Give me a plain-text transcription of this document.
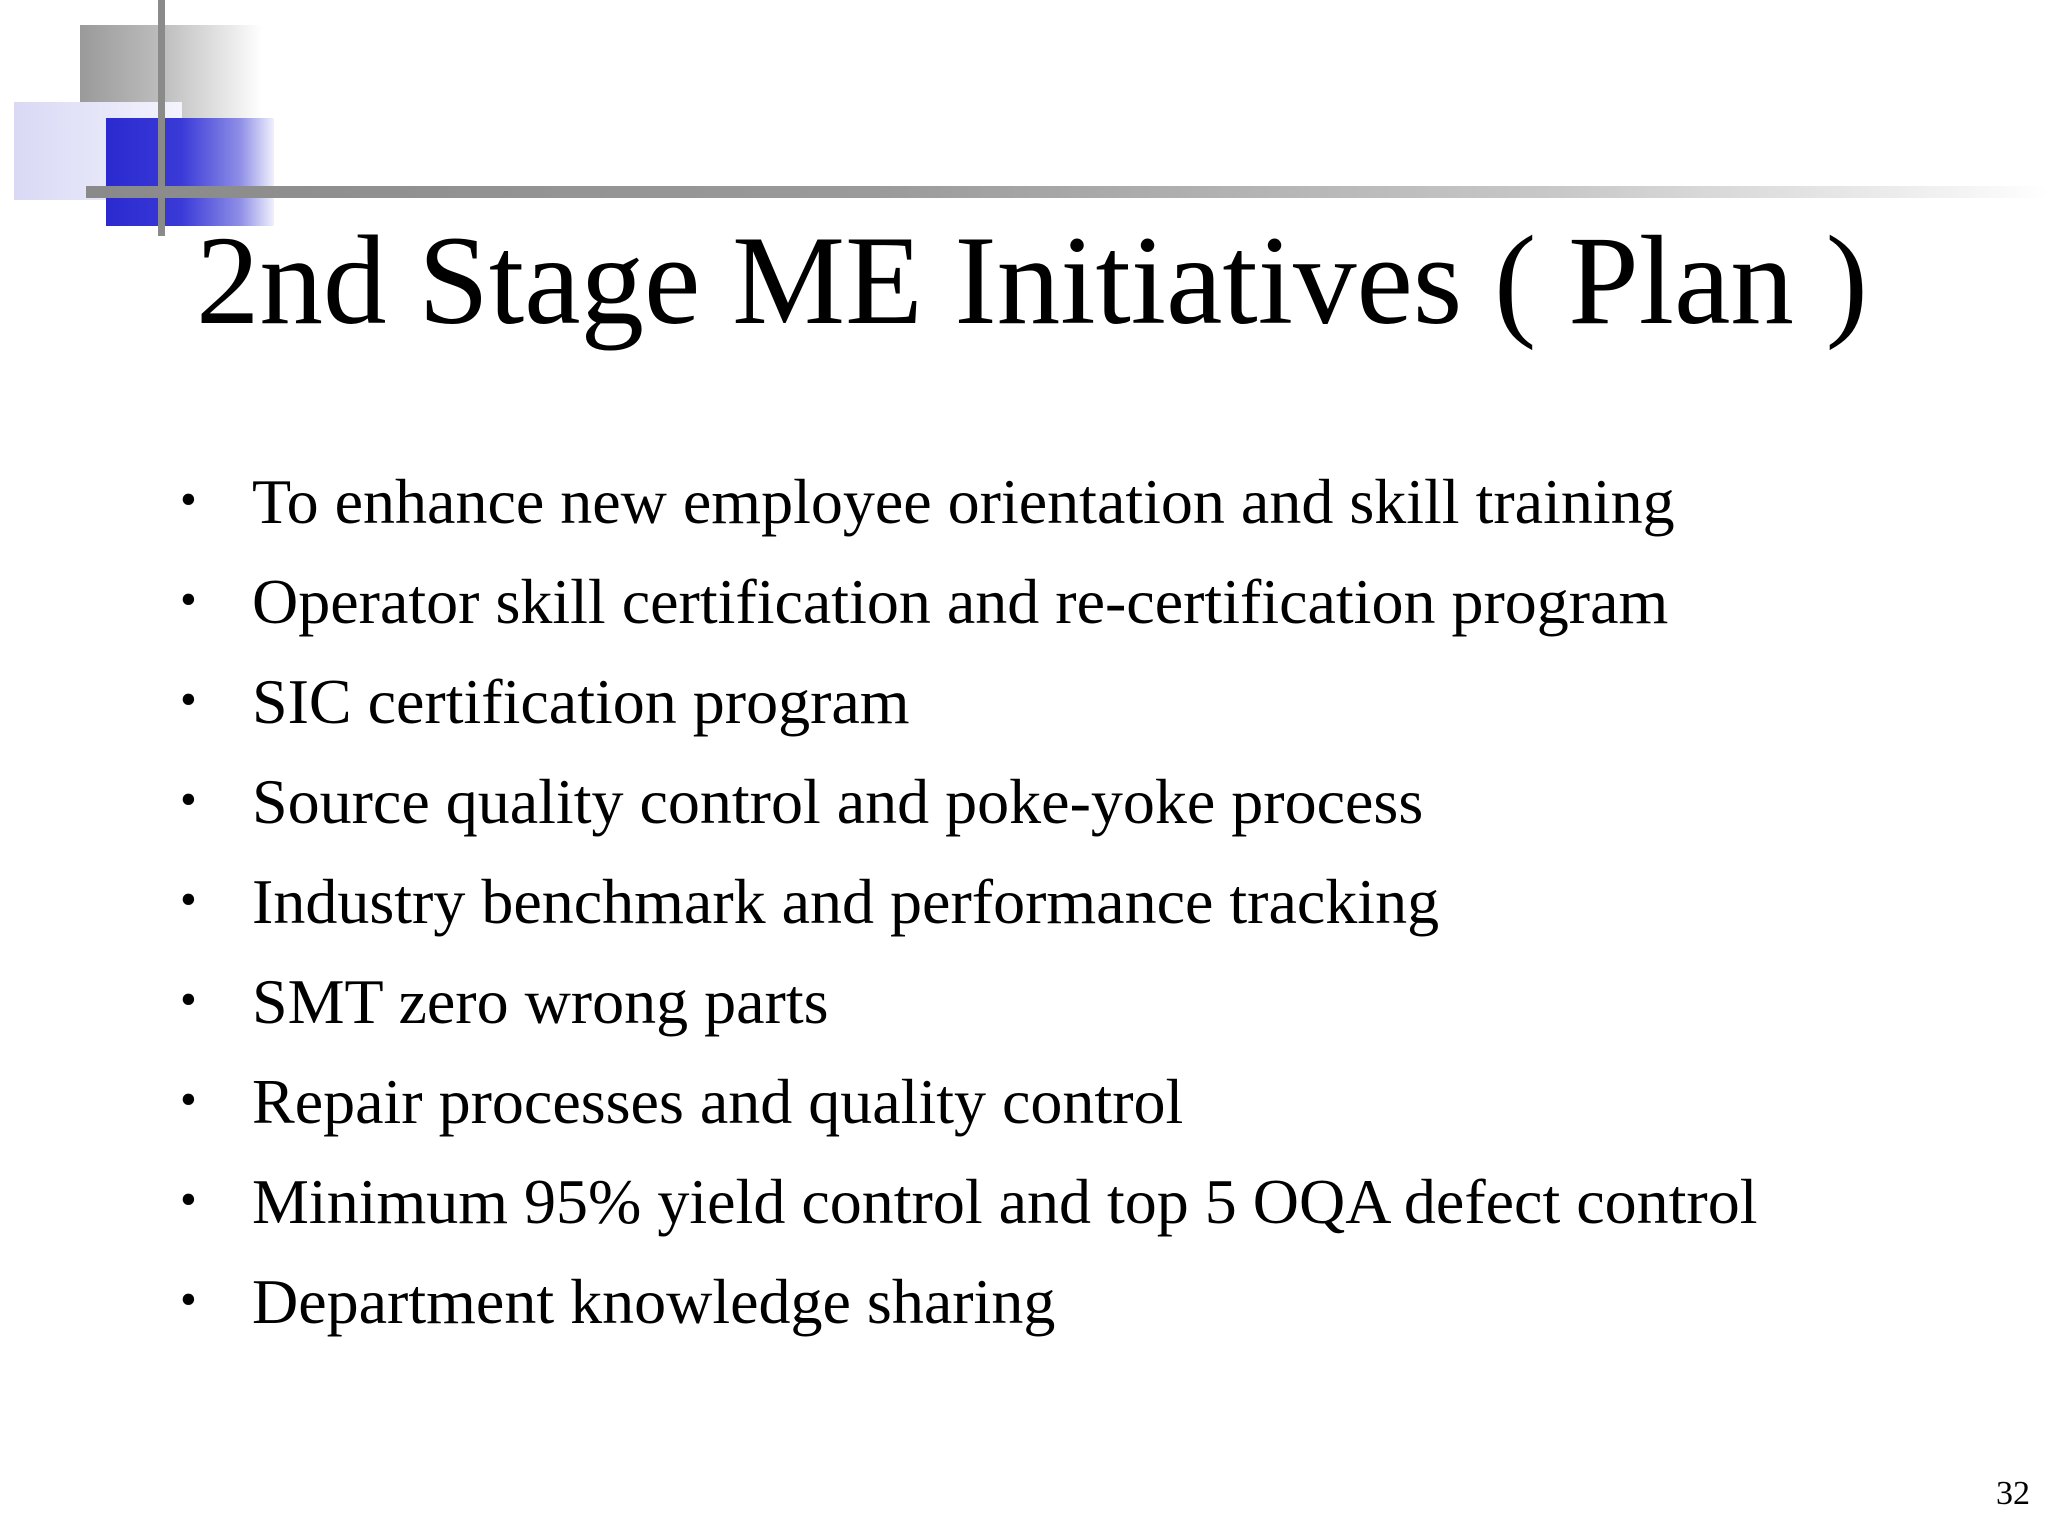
2nd Stage ME Initiatives ( Plan )
• To enhance new employee orientation and skill training
• Operator skill certification and re-certification program
• SIC certification program
• Source quality control and poke-yoke process
• Industry benchmark and performance tracking
• SMT zero wrong parts
• Repair processes and quality control
• Minimum 95% yield control and top 5 OQA defect control
• Department knowledge sharing
32
